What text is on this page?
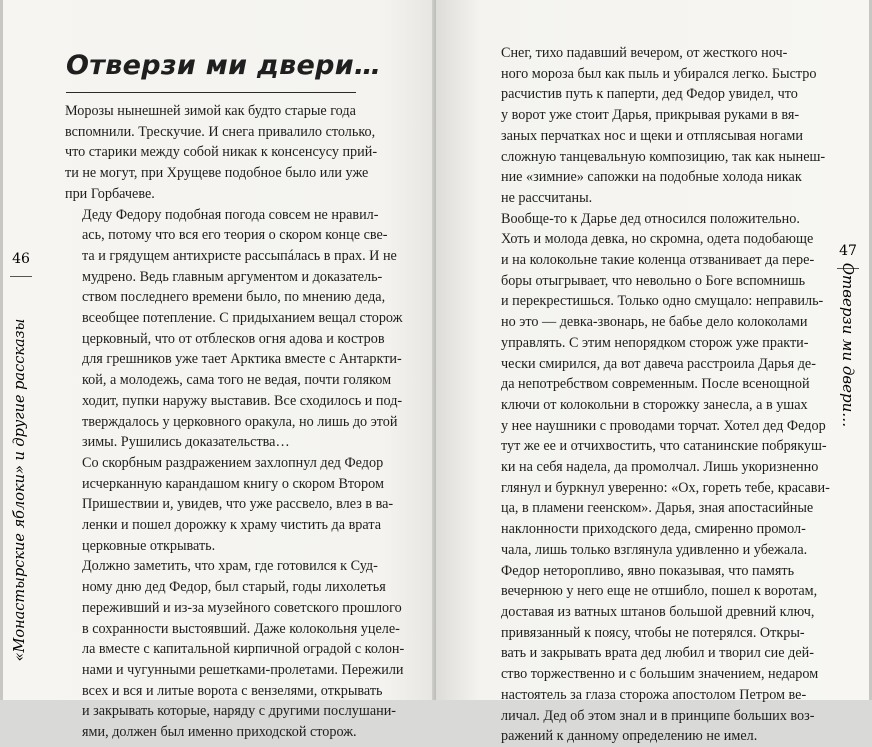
46
«Монастырские яблоки» и другие рассказы
Отверзи ми двери…

Морозы нынешней зимой как будто старые года
вспомнили. Трескучие. И снега привалило столько,
что старики между собой никак к консенсусу прий-
ти не могут, при Хрущеве подобное было или уже
при Горбачеве.

Деду Федору подобная погода совсем не нравил-
ась, потому что вся его теория о скором конце све-
та и грядущем антихристе рассыпáлась в прах. И не
мудрено. Ведь главным аргументом и доказатель-
ством последнего времени было, по мнению деда,
всеобщее потепление. С придыханием вещал сторож
церковный, что от отблесков огня адова и костров
для грешников уже тает Арктика вместе с Антаркти-
кой, а молодежь, сама того не ведая, почти голяком
ходит, пупки наружу выставив. Все сходилось и под-
тверждалось у церковного оракула, но лишь до этой
зимы. Рушились доказательства…

Со скорбным раздражением захлопнул дед Федор
исчерканную карандашом книгу о скором Втором
Пришествии и, увидев, что уже рассвело, влез в ва-
ленки и пошел дорожку к храму чистить да врата
церковные открывать.

Должно заметить, что храм, где готовился к Суд-
ному дню дед Федор, был старый, годы лихолетья
переживший и из-за музейного советского прошлого
в сохранности выстоявший. Даже колокольня уцеле-
ла вместе с капитальной кирпичной оградой с колон-
нами и чугунными решетками-пролетами. Пережили
всех и вся и литые ворота с вензелями, открывать
и закрывать которые, наряду с другими послушани-
ями, должен был именно приходской сторож.

Снег, тихо падавший вечером, от жесткого ноч-
ного мороза был как пыль и убирался легко. Быстро
расчистив путь к паперти, дед Федор увидел, что
у ворот уже стоит Дарья, прикрывая руками в вя-
заных перчатках нос и щеки и отплясывая ногами
сложную танцевальную композицию, так как нынеш-
ние «зимние» сапожки на подобные холода никак
не рассчитаны.

Вообще-то к Дарье дед относился положительно.
Хоть и молода девка, но скромна, одета подобающе
и на колокольне такие коленца отзванивает да пере-
боры отыгрывает, что невольно о Боге вспомнишь
и перекрестишься. Только одно смущало: неправиль-
но это — девка-звонарь, не бабье дело колоколами
управлять. С этим непорядком сторож уже практи-
чески смирился, да вот давеча расстроила Дарья де-
да непотребством современным. После всенощной
ключи от колокольни в сторожку занесла, а в ушах
у нее наушники с проводами торчат. Хотел дед Федор
тут же ее и отчихвостить, что сатанинские побрякуш-
ки на себя надела, да промолчал. Лишь укоризненно
глянул и буркнул уверенно: «Ох, гореть тебе, красави-
ца, в пламени геенском». Дарья, зная апостасийные
наклонности приходского деда, смиренно промол-
чала, лишь только взглянула удивленно и убежала.

Федор неторопливо, явно показывая, что память
вечернюю у него еще не отшибло, пошел к воротам,
доставая из ватных штанов большой древний ключ,
привязанный к поясу, чтобы не потерялся. Откры-
вать и закрывать врата дед любил и творил сие дей-
ство торжественно и с большим значением, недаром
настоятель за глаза сторожа апостолом Петром ве-
личал. Дед об этом знал и в принципе больших воз-
ражений к данному определению не имел.

47
Отверзи ми двери…
